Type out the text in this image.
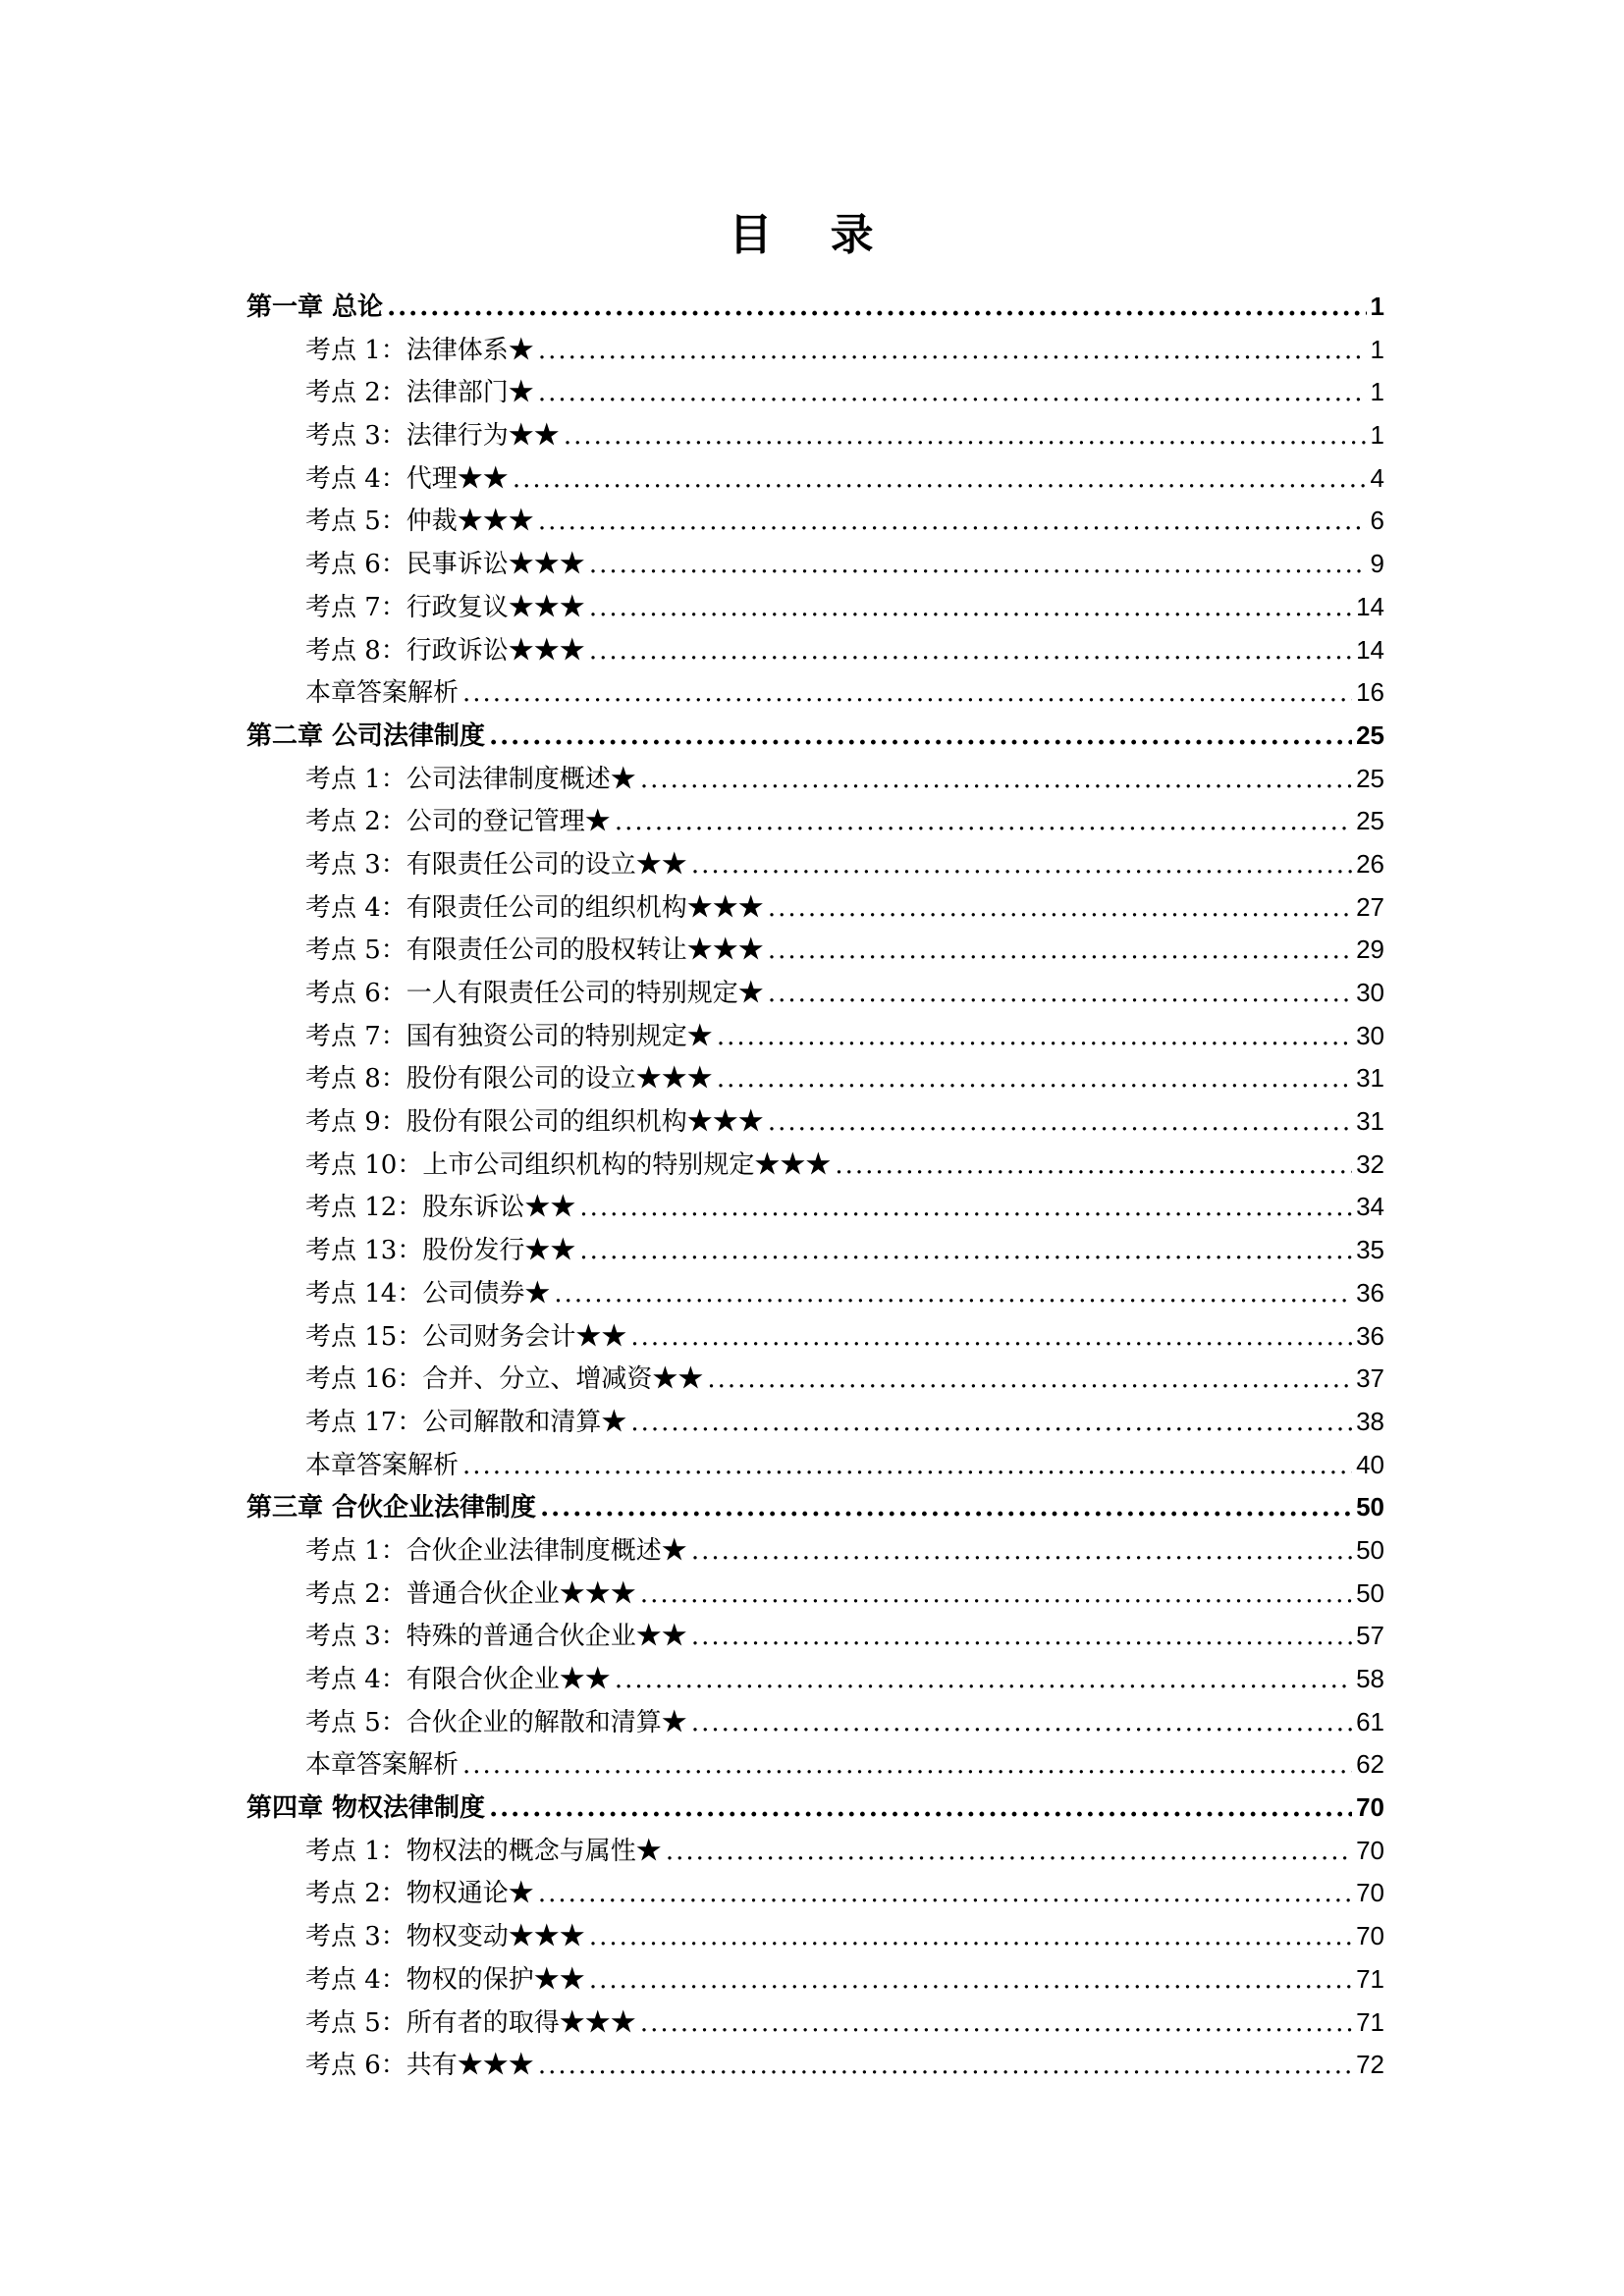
目 录
第一章 总论 .....	1
考点 1：法律体系★ .....	1
考点 2：法律部门★ .....	1
考点 3：法律行为★★ .....	1
考点 4：代理★★ .....	4
考点 5：仲裁★★★ .....	6
考点 6：民事诉讼★★★ .....	9
考点 7：行政复议★★★ .....	14
考点 8：行政诉讼★★★ .....	14
本章答案解析 .....	16
第二章 公司法律制度 .....	25
考点 1：公司法律制度概述★ .....	25
考点 2：公司的登记管理★ .....	25
考点 3：有限责任公司的设立★★ .....	26
考点 4：有限责任公司的组织机构★★★ .....	27
考点 5：有限责任公司的股权转让★★★ .....	29
考点 6：一人有限责任公司的特别规定★ .....	30
考点 7：国有独资公司的特别规定★ .....	30
考点 8：股份有限公司的设立★★★ .....	31
考点 9：股份有限公司的组织机构★★★ .....	31
考点 10：上市公司组织机构的特别规定★★★ .....	32
考点 12：股东诉讼★★ .....	34
考点 13：股份发行★★ .....	35
考点 14：公司债券★ .....	36
考点 15：公司财务会计★★ .....	36
考点 16：合并、分立、增减资★★ .....	37
考点 17：公司解散和清算★ .....	38
本章答案解析 .....	40
第三章 合伙企业法律制度 .....	50
考点 1：合伙企业法律制度概述★ .....	50
考点 2：普通合伙企业★★★ .....	50
考点 3：特殊的普通合伙企业★★ .....	57
考点 4：有限合伙企业★★ .....	58
考点 5：合伙企业的解散和清算★ .....	61
本章答案解析 .....	62
第四章 物权法律制度 .....	70
考点 1：物权法的概念与属性★ .....	70
考点 2：物权通论★ .....	70
考点 3：物权变动★★★ .....	70
考点 4：物权的保护★★ .....	71
考点 5：所有者的取得★★★ .....	71
考点 6：共有★★★ .....	72
